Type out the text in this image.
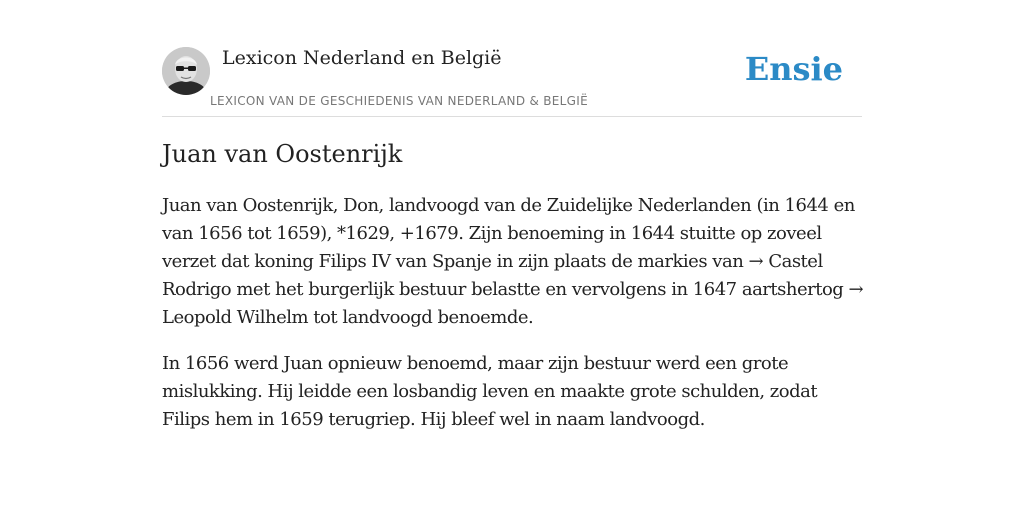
Lexicon Nederland en België
LEXICON VAN DE GESCHIEDENIS VAN NEDERLAND & BELGIË
Ensie
Juan van Oostenrijk

Juan van Oostenrijk, Don, landvoogd van de Zuidelijke Nederlanden (in 1644 en van 1656 tot 1659), *1629, +1679. Zijn benoeming in 1644 stuitte op zoveel verzet dat koning Filips IV van Spanje in zijn plaats de markies van → Castel Rodrigo met het burgerlijk bestuur belastte en vervolgens in 1647 aartshertog → Leopold Wilhelm tot landvoogd benoemde.

In 1656 werd Juan opnieuw benoemd, maar zijn bestuur werd een grote mislukking. Hij leidde een losbandig leven en maakte grote schulden, zodat Filips hem in 1659 terugriep. Hij bleef wel in naam landvoogd.
